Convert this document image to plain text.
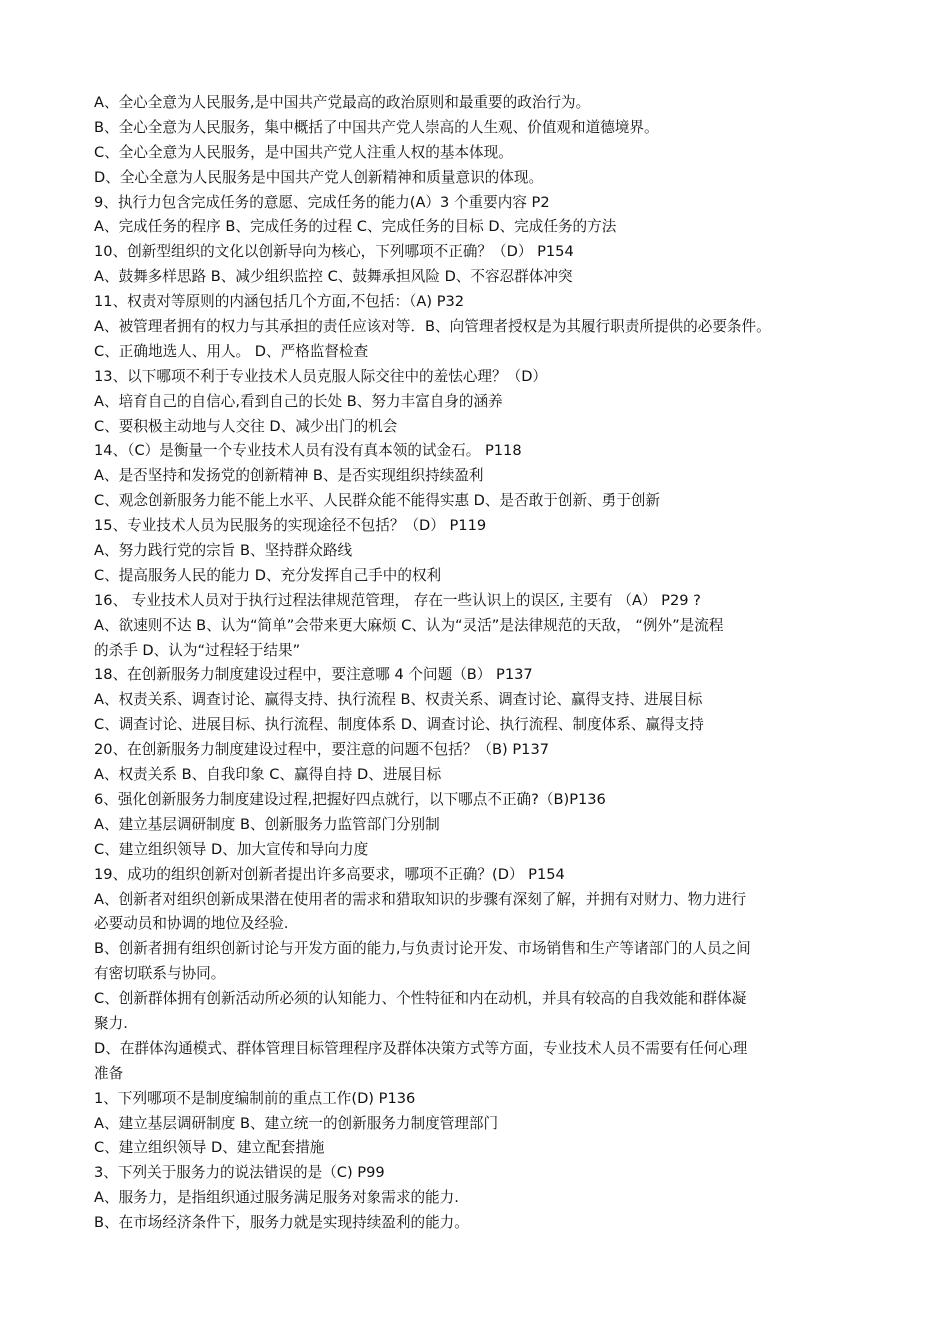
A、全心全意为人民服务,是中国共产党最高的政治原则和最重要的政治行为。
B、全心全意为人民服务，集中概括了中国共产党人崇高的人生观、价值观和道德境界。
C、全心全意为人民服务，是中国共产党人注重人权的基本体现。
D、全心全意为人民服务是中国共产党人创新精神和质量意识的体现。
9、执行力包含完成任务的意愿、完成任务的能力(A）3 个重要内容 P2
A、完成任务的程序 B、完成任务的过程 C、完成任务的目标 D、完成任务的方法
10、创新型组织的文化以创新导向为核心，下列哪项不正确？（D） P154
A、鼓舞多样思路 B、减少组织监控 C、鼓舞承担风险 D、不容忍群体冲突
11、权责对等原则的内涵包括几个方面,不包括：（A) P32
A、被管理者拥有的权力与其承担的责任应该对等．B、向管理者授权是为其履行职责所提供的必要条件。
C、正确地选人、用人。 D、严格监督检查
13、以下哪项不利于专业技术人员克服人际交往中的羞怯心理？（D）
A、培育自己的自信心,看到自己的长处 B、努力丰富自身的涵养
C、要积极主动地与人交往 D、减少出门的机会
14、（C）是衡量一个专业技术人员有没有真本领的试金石。 P118
A、是否坚持和发扬党的创新精神 B、是否实现组织持续盈利
C、观念创新服务力能不能上水平、人民群众能不能得实惠 D、是否敢于创新、勇于创新
15、专业技术人员为民服务的实现途径不包括？（D） P119
A、努力践行党的宗旨 B、坚持群众路线
C、提高服务人民的能力 D、充分发挥自己手中的权利
16、 专业技术人员对于执行过程法律规范管理， 存在一些认识上的误区, 主要有 （A） P29 ?
A、欲速则不达 B、认为“简单”会带来更大麻烦 C、认为“灵活”是法律规范的天敌， “例外”是流程
的杀手 D、认为“过程轻于结果”
18、在创新服务力制度建设过程中，要注意哪 4 个问题（B） P137
A、权责关系、调查讨论、赢得支持、执行流程 B、权责关系、调查讨论、赢得支持、进展目标
C、调查讨论、进展目标、执行流程、制度体系 D、调查讨论、执行流程、制度体系、赢得支持
20、在创新服务力制度建设过程中，要注意的问题不包括？（B) P137
A、权责关系 B、自我印象 C、赢得自持 D、进展目标
6、强化创新服务力制度建设过程,把握好四点就行，以下哪点不正确?（B)P136
A、建立基层调研制度 B、创新服务力监管部门分别制
C、建立组织领导 D、加大宣传和导向力度
19、成功的组织创新对创新者提出许多高要求，哪项不正确？(D） P154
A、创新者对组织创新成果潜在使用者的需求和猎取知识的步骤有深刻了解，并拥有对财力、物力进行
必要动员和协调的地位及经验.
B、创新者拥有组织创新讨论与开发方面的能力,与负责讨论开发、市场销售和生产等诸部门的人员之间
有密切联系与协同。
C、创新群体拥有创新活动所必须的认知能力、个性特征和内在动机，并具有较高的自我效能和群体凝
聚力.
D、在群体沟通模式、群体管理目标管理程序及群体决策方式等方面，专业技术人员不需要有任何心理
准备
1、下列哪项不是制度编制前的重点工作(D) P136
A、建立基层调研制度 B、建立统一的创新服务力制度管理部门
C、建立组织领导 D、建立配套措施
3、下列关于服务力的说法错误的是（C) P99
A、服务力，是指组织通过服务满足服务对象需求的能力.
B、在市场经济条件下，服务力就是实现持续盈利的能力。
